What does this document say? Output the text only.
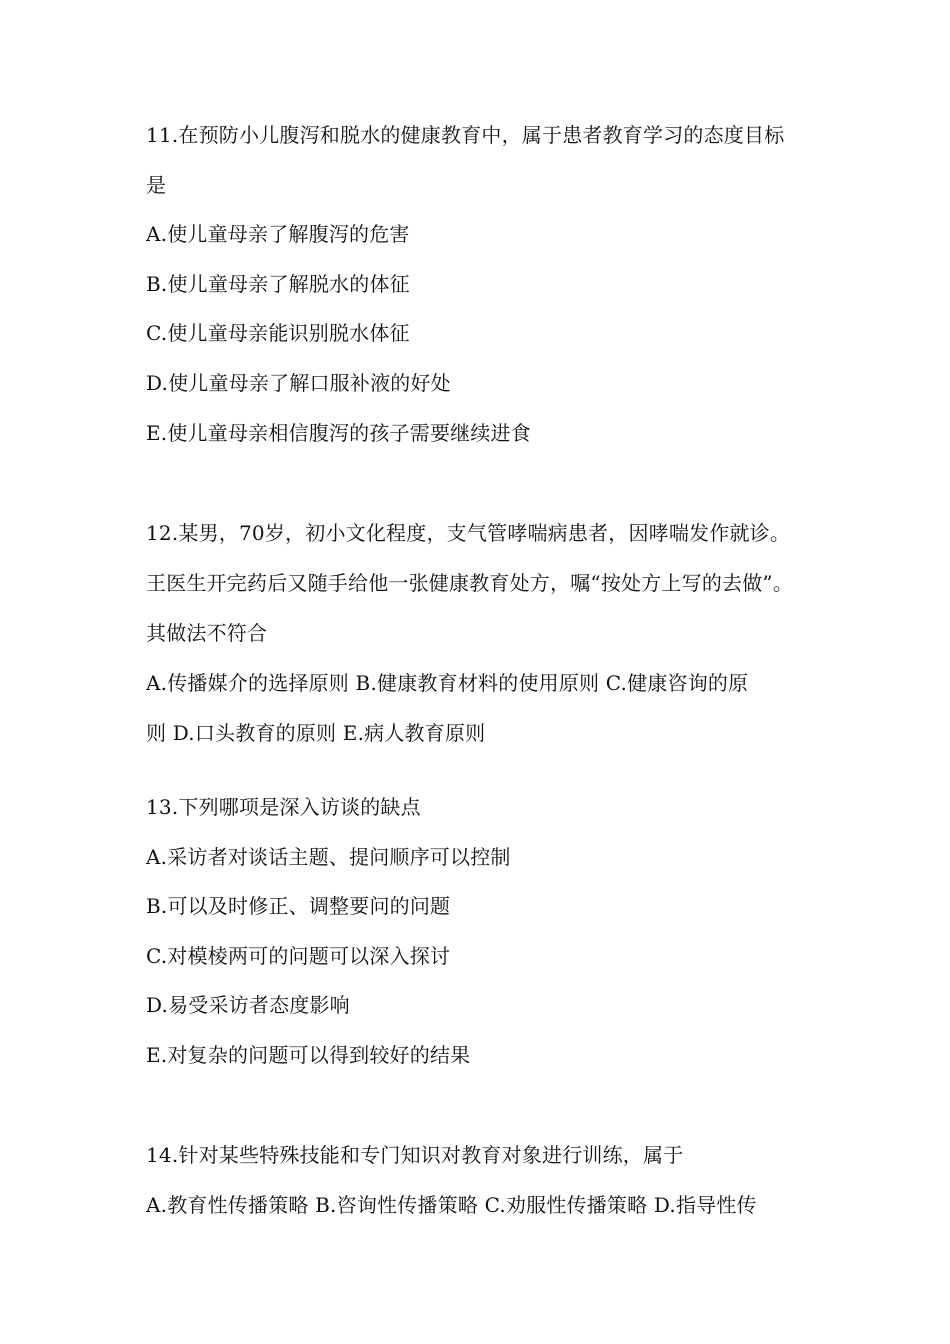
11.在预防小儿腹泻和脱水的健康教育中，属于患者教育学习的态度目标
是
A.使儿童母亲了解腹泻的危害
B.使儿童母亲了解脱水的体征
C.使儿童母亲能识别脱水体征
D.使儿童母亲了解口服补液的好处
E.使儿童母亲相信腹泻的孩子需要继续进食
12.某男，70岁，初小文化程度，支气管哮喘病患者，因哮喘发作就诊。
王医生开完药后又随手给他一张健康教育处方，嘱“按处方上写的去做”。
其做法不符合
A.传播媒介的选择原则 B.健康教育材料的使用原则 C.健康咨询的原
则 D.口头教育的原则 E.病人教育原则
13.下列哪项是深入访谈的缺点
A.采访者对谈话主题、提问顺序可以控制
B.可以及时修正、调整要问的问题
C.对模棱两可的问题可以深入探讨
D.易受采访者态度影响
E.对复杂的问题可以得到较好的结果
14.针对某些特殊技能和专门知识对教育对象进行训练，属于
A.教育性传播策略 B.咨询性传播策略 C.劝服性传播策略 D.指导性传
